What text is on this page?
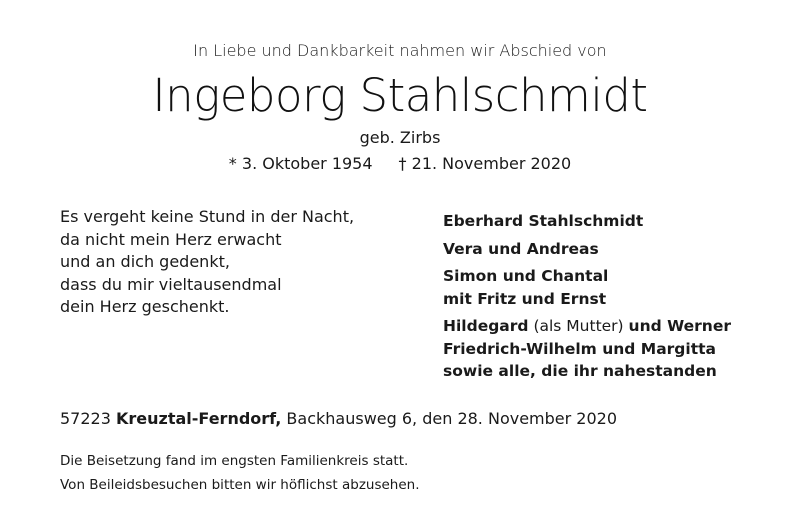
In Liebe und Dankbarkeit nahmen wir Abschied von
Ingeborg Stahlschmidt
geb. Zirbs
* 3. Oktober 1954 † 21. November 2020
Es vergeht keine Stund in der Nacht,
da nicht mein Herz erwacht
und an dich gedenkt,
dass du mir vieltausendmal
dein Herz geschenkt.
Eberhard Stahlschmidt
Vera und Andreas
Simon und Chantal
mit Fritz und Ernst
Hildegard (als Mutter) und Werner
Friedrich-Wilhelm und Margitta
sowie alle, die ihr nahestanden
57223 Kreuztal-Ferndorf, Backhausweg 6, den 28. November 2020
Die Beisetzung fand im engsten Familienkreis statt.
Von Beileidsbesuchen bitten wir höflichst abzusehen.
